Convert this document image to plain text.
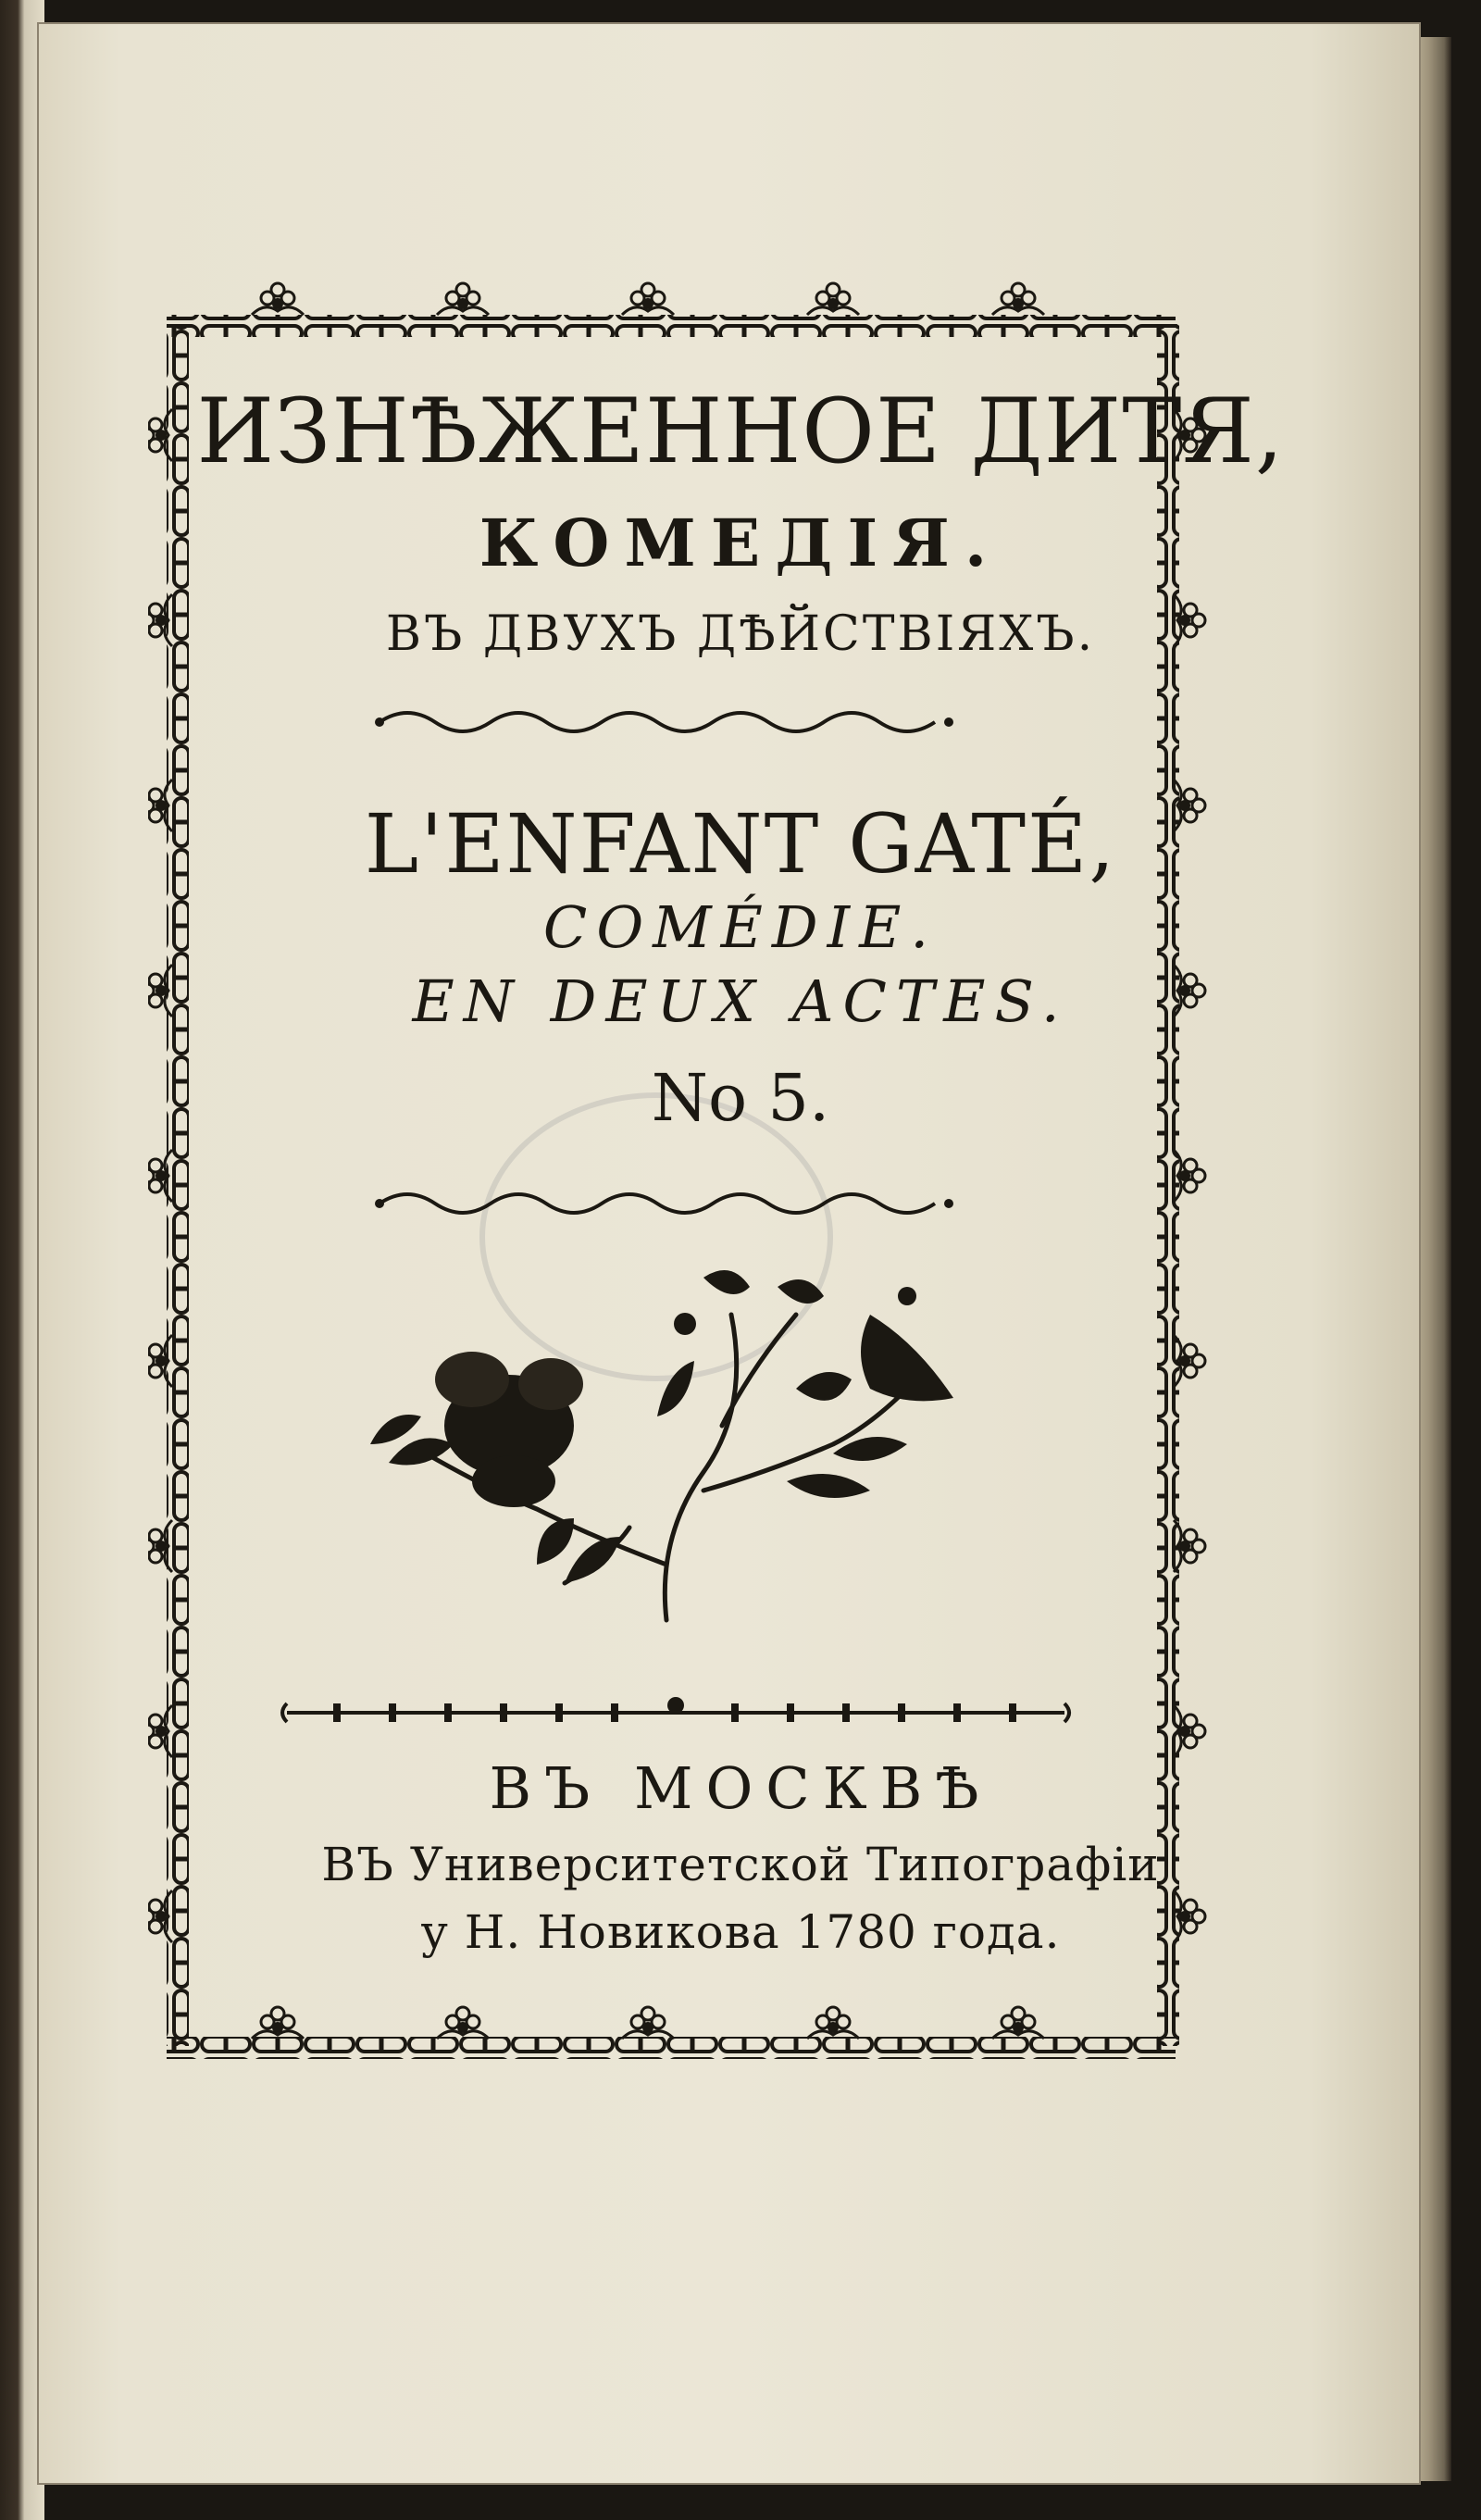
ИЗНѢЖЕННОЕ ДИТЯ,
КОМЕДІЯ.
ВЪ ДВУХЪ ДѢЙСТВІЯХЪ.
L'ENFANT GATÉ,
COMÉDIE.
EN DEUX ACTES.
No 5.
ВЪ МОСКВѢ
ВЪ Университетской Типографіи
у Н. Новикова 1780 года.
